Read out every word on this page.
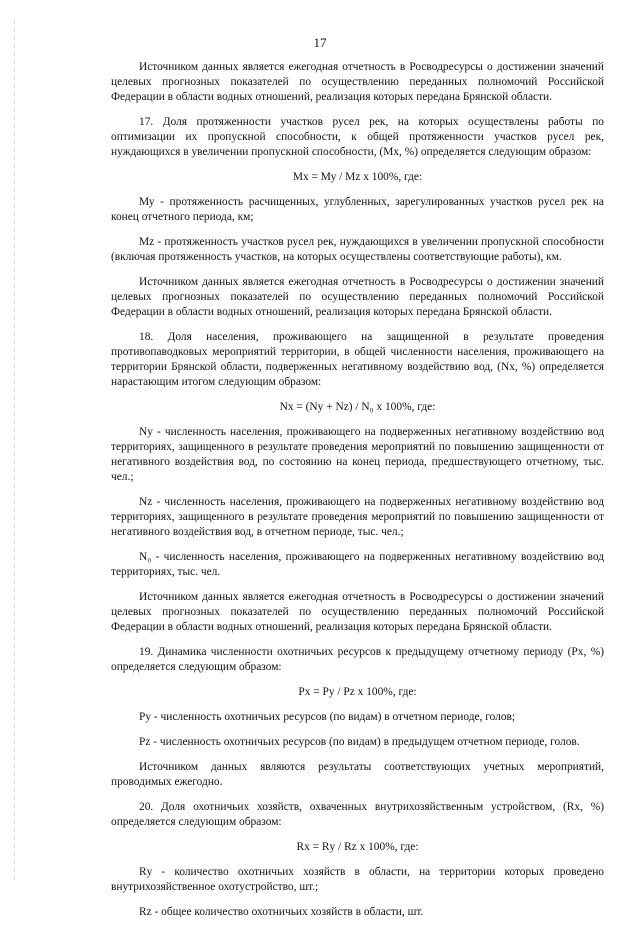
17

Источником данных является ежегодная отчетность в Росводресурсы о достижении значений целевых прогнозных показателей по осуществлению переданных полномочий Российской Федерации в области водных отношений, реализация которых передана Брянской области.

17. Доля протяженности участков русел рек, на которых осуществлены работы по оптимизации их пропускной способности, к общей протяженности участков русел рек, нуждающихся в увеличении пропускной способности, (Мх, %) определяется следующим образом:

Мх = Му / Мz х 100%, где:

Му - протяженность расчищенных, углубленных, зарегулированных участков русел рек на конец отчетного периода, км;

Мz - протяженность участков русел рек, нуждающихся в увеличении пропускной способности (включая протяженность участков, на которых осуществлены соответствующие работы), км.

Источником данных является ежегодная отчетность в Росводресурсы о достижении значений целевых прогнозных показателей по осуществлению переданных полномочий Российской Федерации в области водных отношений, реализация которых передана Брянской области.

18. Доля населения, проживающего на защищенной в результате проведения противопаводковых мероприятий территории, в общей численности населения, проживающего на территории Брянской области, подверженных негативному воздействию вод, (Nх, %) определяется нарастающим итогом следующим образом:

Nх = (Nу + Nz) / N₀ х 100%, где:

Nу - численность населения, проживающего на подверженных негативному воздействию вод территориях, защищенного в результате проведения мероприятий по повышению защищенности от негативного воздействия вод, по состоянию на конец периода, предшествующего отчетному, тыс. чел.;

Nz - численность населения, проживающего на подверженных негативному воздействию вод территориях, защищенного в результате проведения мероприятий по повышению защищенности от негативного воздействия вод, в отчетном периоде, тыс. чел.;

N₀ - численность населения, проживающего на подверженных негативному воздействию вод территориях, тыс. чел.

Источником данных является ежегодная отчетность в Росводресурсы о достижении значений целевых прогнозных показателей по осуществлению переданных полномочий Российской Федерации в области водных отношений, реализация которых передана Брянской области.

19. Динамика численности охотничьих ресурсов к предыдущему отчетному периоду (Рх, %) определяется следующим образом:

Рх = Ру / Рz х 100%, где:

Ру - численность охотничьих ресурсов (по видам) в отчетном периоде, голов;

Рz - численность охотничьих ресурсов (по видам) в предыдущем отчетном периоде, голов.

Источником данных являются результаты соответствующих учетных мероприятий, проводимых ежегодно.

20. Доля охотничьих хозяйств, охваченных внутрихозяйственным устройством, (Rх, %) определяется следующим образом:

Rх = Rу / Rz х 100%, где:

Rу - количество охотничьих хозяйств в области, на территории которых проведено внутрихозяйственное охотустройство, шт.;

Rz - общее количество охотничьих хозяйств в области, шт.
